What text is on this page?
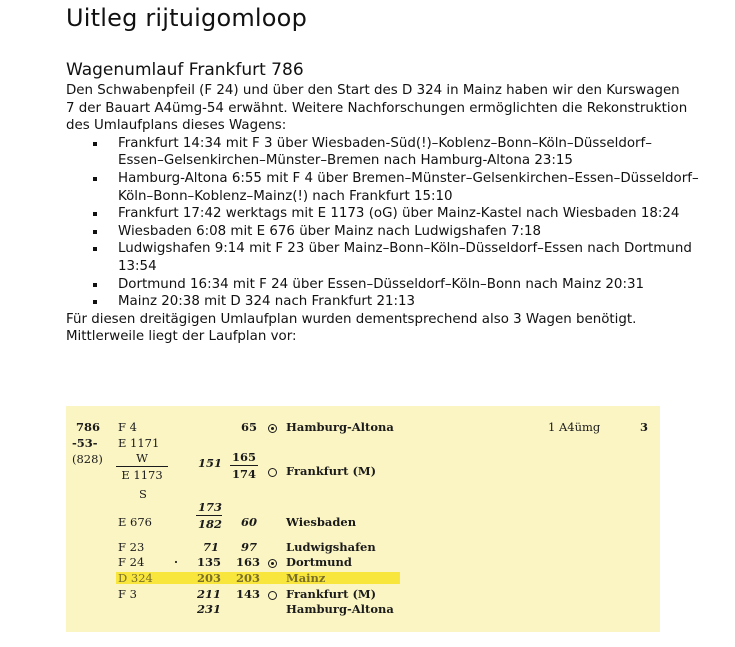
Uitleg rijtuigomloop
Wagenumlauf Frankfurt 786

Den Schwabenpfeil (F 24) und über den Start des D 324 in Mainz haben wir den Kurswagen

7 der Bauart A4ümg-54 erwähnt. Weitere Nachforschungen ermöglichten die Rekonstruktion

des Umlaufplans dieses Wagens:

Frankfurt 14:34 mit F 3 über Wiesbaden-Süd(!)–Koblenz–Bonn–Köln–Düsseldorf–
Essen–Gelsenkirchen–Münster–Bremen nach Hamburg-Altona 23:15
Hamburg-Altona 6:55 mit F 4 über Bremen–Münster–Gelsenkirchen–Essen–Düsseldorf–
Köln–Bonn–Koblenz–Mainz(!) nach Frankfurt 15:10
Frankfurt 17:42 werktags mit E 1173 (oG) über Mainz-Kastel nach Wiesbaden 18:24
Wiesbaden 6:08 mit E 676 über Mainz nach Ludwigshafen 7:18
Ludwigshafen 9:14 mit F 23 über Mainz–Bonn–Köln–Düsseldorf–Essen nach Dortmund
13:54
Dortmund 16:34 mit F 24 über Essen–Düsseldorf–Köln–Bonn nach Mainz 20:31
Mainz 20:38 mit D 324 nach Frankfurt 21:13

Für diesen dreitägigen Umlaufplan wurden dementsprechend also 3 Wagen benötigt.

Mittlerweile liegt der Laufplan vor:

786
-53-
(828)
F 4
E 1171
$\frac{W}{E 1173}$
S
E 676
F 23
F 24
D 324
F 3
·
151
$\frac{173}{182}$
71
135
203
211
231
65
$\frac{165}{174}$
60
97
163
203
143
Hamburg-Altona
Frankfurt (M)
Wiesbaden
Ludwigshafen
Dortmund
Mainz
Frankfurt (M)
Hamburg-Altona
1 A4ümg	3
